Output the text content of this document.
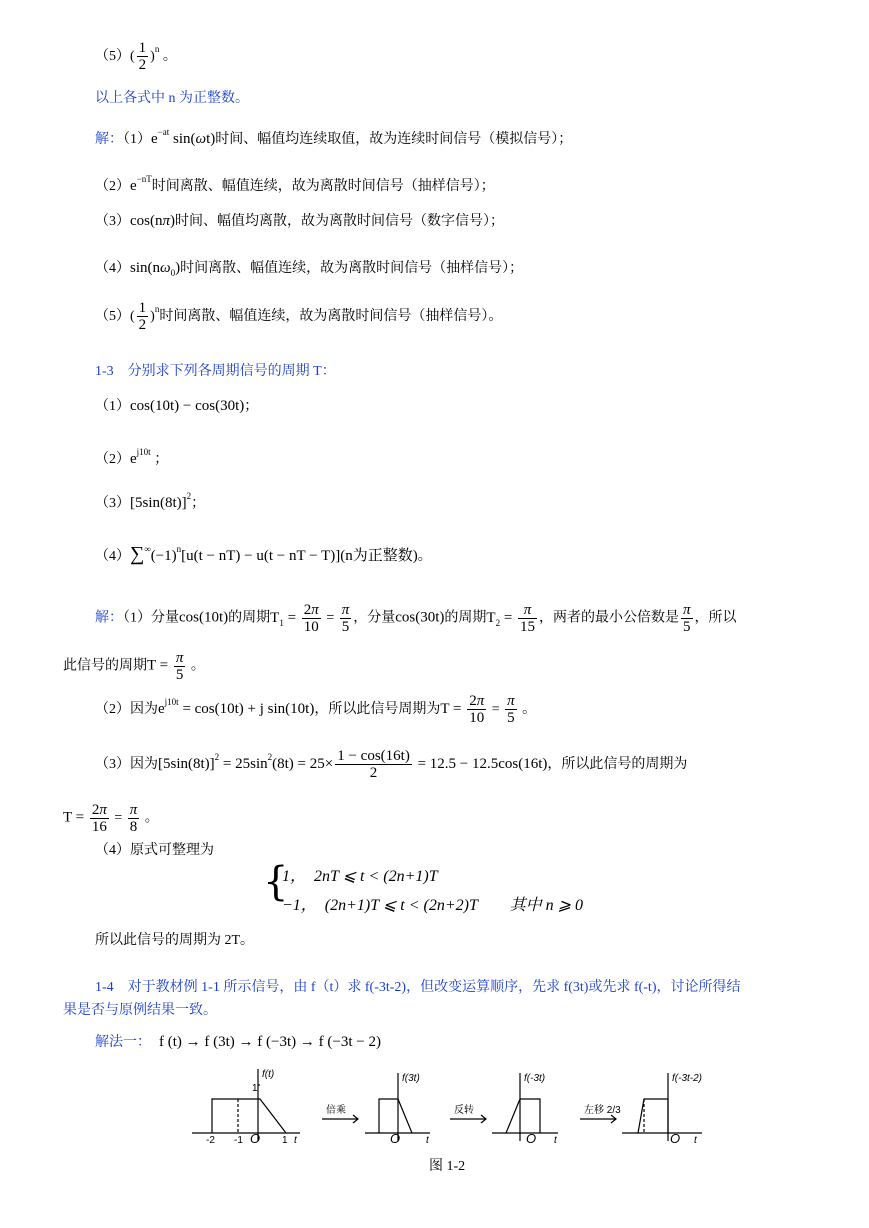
$(5)( \frac{1}{2} )^n$ 。
以上各式中 n 为正整数。
解：$(1)e^{-at}$ sin(ωt)时间、幅值均连续取值，故为连续时间信号（模拟信号）；
$(2)e^{-nT}$时间离散、幅值连续，故为离散时间信号（抽样信号）；
（3）cos(nπ)时间、幅值均离散，故为离散时间信号（数字信号）；
$(4)\sin(n\omega_0)$时间离散、幅值连续，故为离散时间信号（抽样信号）；
$(5)( \frac{1}{2} )^n$时间离散、幅值连续，故为离散时间信号（抽样信号）。
1-3　分别求下列各周期信号的周期 T：
（1）cos(10t) − cos(30t)；
$(2)e^{j10t}$ ；
$(3)[5\sin(8t)]^2$；
$(4)\sum^\infty(-1)^n[u(t - nT) - u(t$ − nT − T)](n为正整数)。
解：（1）分量cos(10t)的周期$T_1 = \frac{2\pi}{10} = \frac{\pi}{5}$ ，分量cos(30t)的周期$T_2 = \frac{\pi}{15}$ ，两者的最小公倍数是 $\frac{\pi}{5}$ ，所以
此信号的周期$T = \frac{\pi}{5}$ 。
（2）因为$e^{j10t} = \cos(10t) + j$ sin(10t)，所以此信号周期为$T = \frac{2\pi}{10} = \frac{\pi}{5}$ 。
（3）因为$[5\sin(8t)]^2 = 25\sin^2(8t) = 25\times \frac{1 - \cos(16t)}{2} = 12.5 - 12.5\cos(16t)$，所以此信号的周期为
$T = \frac{2\pi}{16} = \frac{\pi}{8}$ 。
（4）原式可整理为
{
1，　2nT ⩽ t < (2n+1)T
−1，　(2n+1)T ⩽ t < (2n+2)T　　其中 n ⩾ 0
所以此信号的周期为 2T。
1-4　对于教材例 1-1 所示信号，由 f（t）求 f(-3t-2)，但改变运算顺序，先求 f(3t)或先求 f(-t)，讨论所得结
果是否与原例结果一致。
解法一： f (t) → f (3t) → f (−3t) → f (−3t − 2)
f(t)
1
-2 -1 O 1 t
倍乘
f(3t)
O	t
反转
f(-3t)
O t
左移 2/3
f(-3t-2)
O t
图 1-2
